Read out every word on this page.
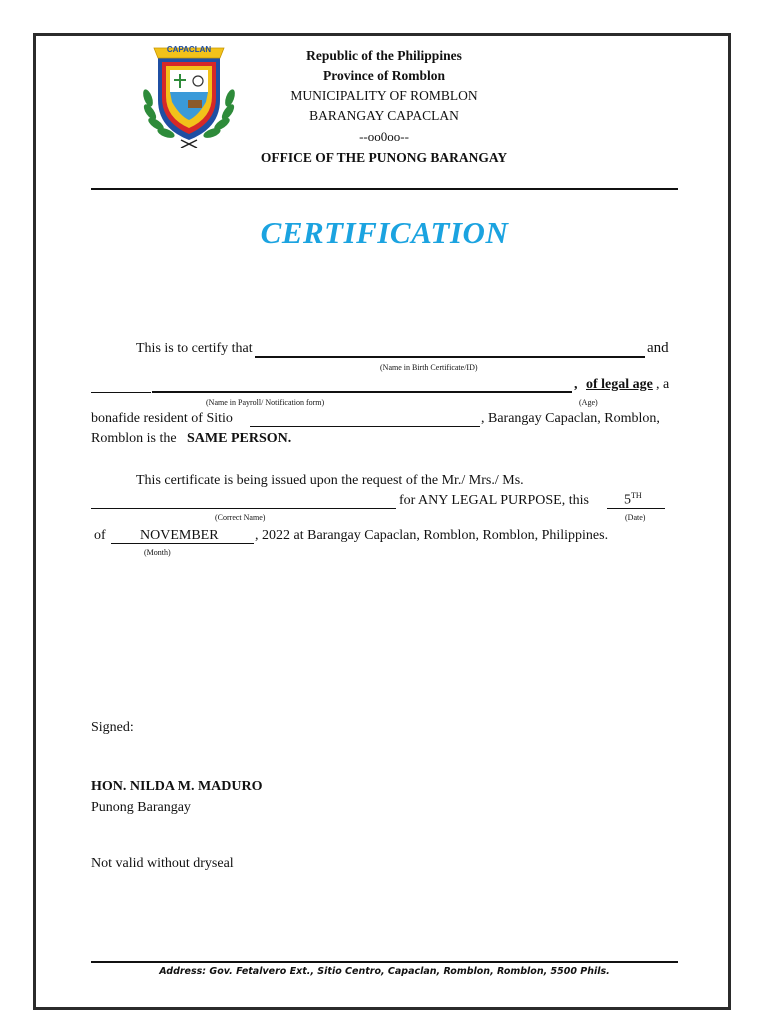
CAPACLAN	Republic of the Philippines
Province of Romblon
MUNICIPALITY OF ROMBLON
BARANGAY CAPACLAN
--oo0oo--
OFFICE OF THE PUNONG BARANGAY
CERTIFICATION
This is to certify that	and
(Name in Birth Certificate/ID)
, of legal age , a
(Name in Payroll/ Notification form)	(Age)
bonafide resident of Sitio	, Barangay Capaclan, Romblon,
Romblon is the SAME PERSON.
This certificate is being issued upon the request of the Mr./ Mrs./ Ms.
for ANY LEGAL PURPOSE, this	5TH
(Correct Name)	(Date)
of NOVEMBER	, 2022 at Barangay Capaclan, Romblon, Romblon, Philippines.
(Month)
Signed:
HON. NILDA M. MADURO
Punong Barangay
Not valid without dryseal
Address: Gov. Fetalvero Ext., Sitio Centro, Capaclan, Romblon, Romblon, 5500 Phils.
